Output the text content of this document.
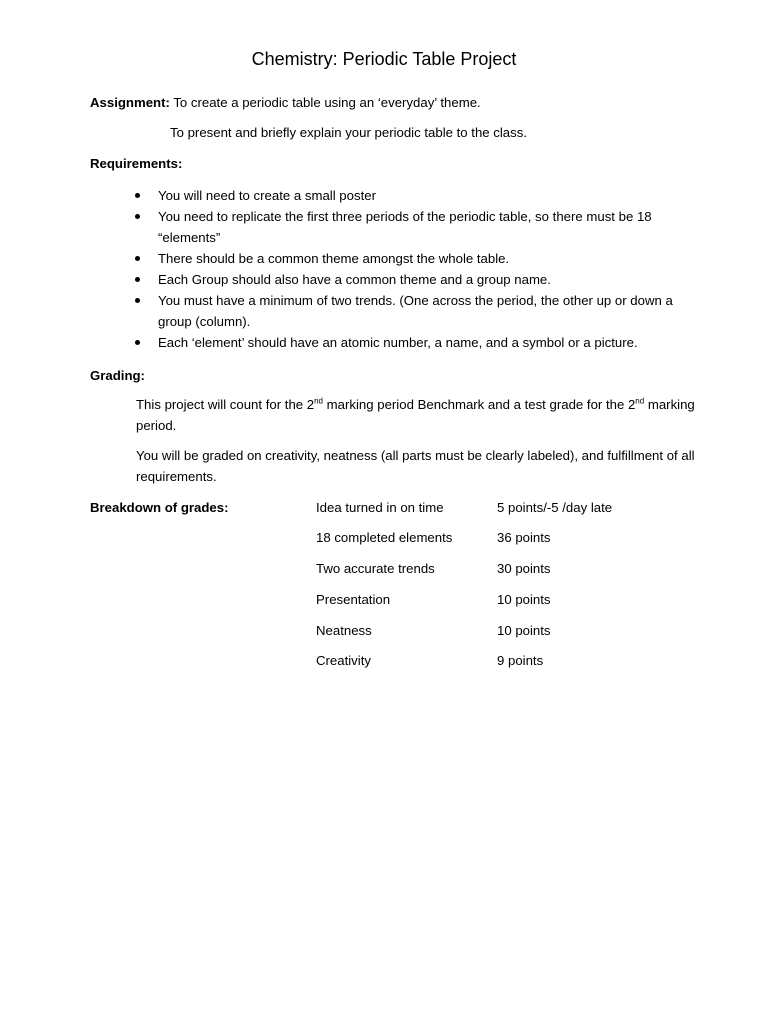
Chemistry: Periodic Table Project
Assignment: To create a periodic table using an ‘everyday’ theme.
To present and briefly explain your periodic table to the class.
Requirements:
You will need to create a small poster
You need to replicate the first three periods of the periodic table, so there must be 18 “elements”
There should be a common theme amongst the whole table.
Each Group should also have a common theme and a group name.
You must have a minimum of two trends. (One across the period, the other up or down a group (column).
Each ‘element’ should have an atomic number, a name, and a symbol or a picture.
Grading:
This project will count for the 2nd marking period Benchmark and a test grade for the 2nd marking period.
You will be graded on creativity, neatness (all parts must be clearly labeled), and fulfillment of all requirements.
Breakdown of grades:	Idea turned in on time	5 points/-5 /day late
18 completed elements	36 points
Two accurate trends	30 points
Presentation	10 points
Neatness	10 points
Creativity	9 points
